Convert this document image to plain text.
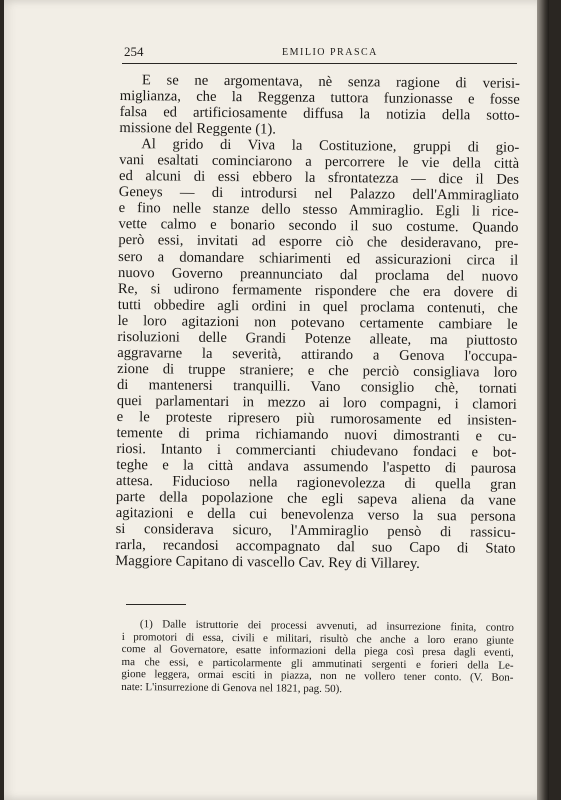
254	EMILIO PRASCA
E se ne argomentava, nè senza ragione di verisi-
miglianza, che la Reggenza tuttora funzionasse e fosse
falsa ed artificiosamente diffusa la notizia della sotto-
missione del Reggente (1).
Al grido di Viva la Costituzione, gruppi di gio-
vani esaltati cominciarono a percorrere le vie della città
ed alcuni di essi ebbero la sfrontatezza — dice il Des
Geneys — di introdursi nel Palazzo dell'Ammiragliato
e fino nelle stanze dello stesso Ammiraglio. Egli li rice-
vette calmo e bonario secondo il suo costume. Quando
però essi, invitati ad esporre ciò che desideravano, pre-
sero a domandare schiarimenti ed assicurazioni circa il
nuovo Governo preannunciato dal proclama del nuovo
Re, si udirono fermamente rispondere che era dovere di
tutti obbedire agli ordini in quel proclama contenuti, che
le loro agitazioni non potevano certamente cambiare le
risoluzioni delle Grandi Potenze alleate, ma piuttosto
aggravarne la severità, attirando a Genova l'occupa-
zione di truppe straniere; e che perciò consigliava loro
di mantenersi tranquilli. Vano consiglio chè, tornati
quei parlamentari in mezzo ai loro compagni, i clamori
e le proteste ripresero più rumorosamente ed insisten-
temente di prima richiamando nuovi dimostranti e cu-
riosi. Intanto i commercianti chiudevano fondaci e bot-
teghe e la città andava assumendo l'aspetto di paurosa
attesa. Fiducioso nella ragionevolezza di quella gran
parte della popolazione che egli sapeva aliena da vane
agitazioni e della cui benevolenza verso la sua persona
si considerava sicuro, l'Ammiraglio pensò di rassicu-
rarla, recandosi accompagnato dal suo Capo di Stato
Maggiore Capitano di vascello Cav. Rey di Villarey.
(1) Dalle istruttorie dei processi avvenuti, ad insurrezione finita, contro
i promotori di essa, civili e militari, risultò che anche a loro erano giunte
come al Governatore, esatte informazioni della piega così presa dagli eventi,
ma che essi, e particolarmente gli ammutinati sergenti e forieri della Le-
gione leggera, ormai esciti in piazza, non ne vollero tener conto. (V. Bon-
nate: L'insurrezione di Genova nel 1821, pag. 50).
